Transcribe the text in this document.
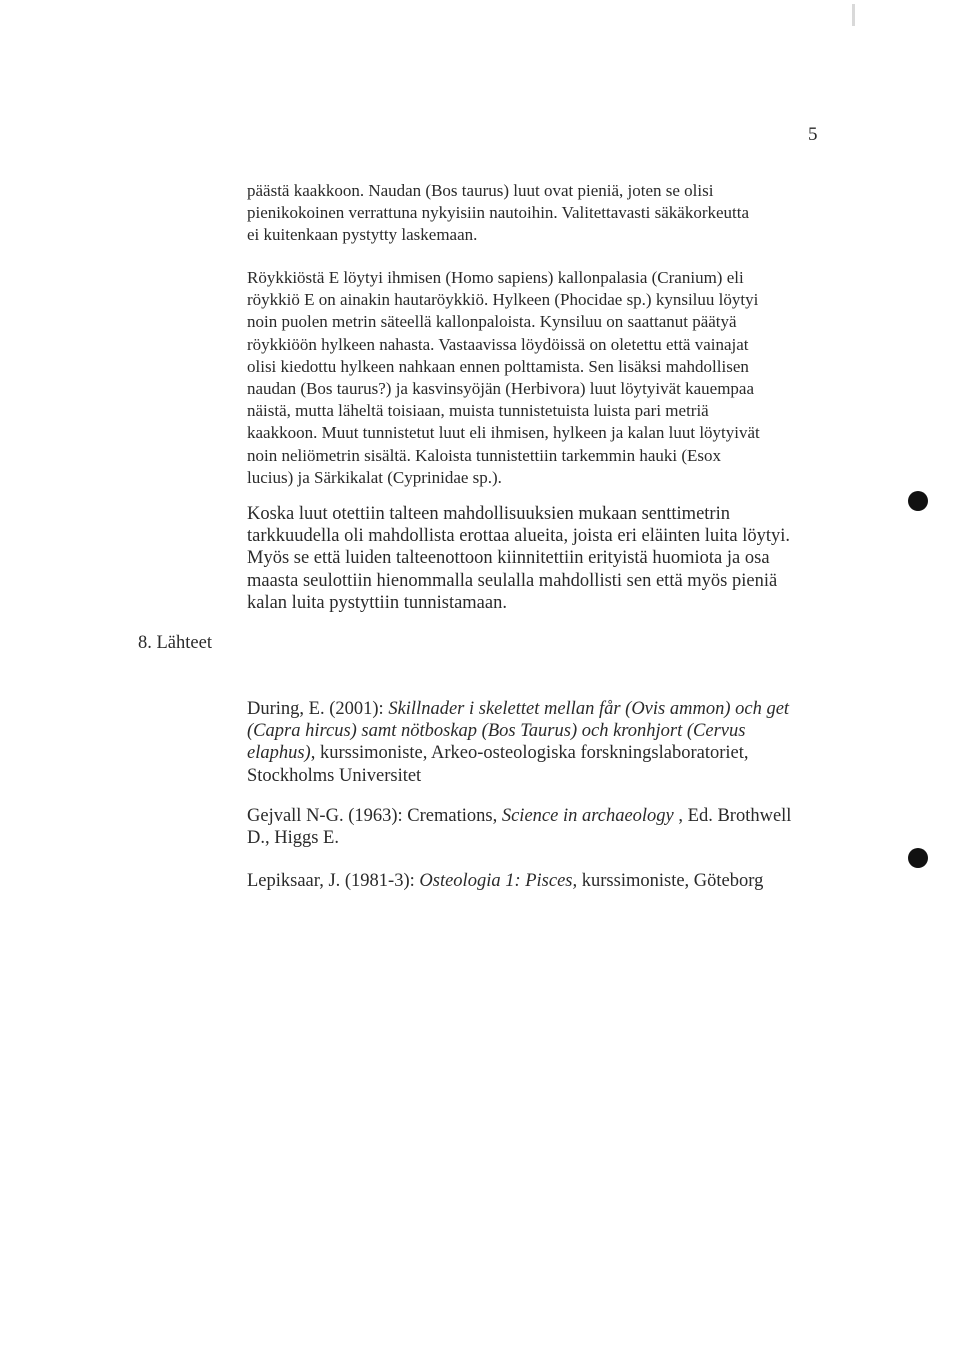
5
päästä kaakkoon. Naudan (Bos taurus) luut ovat pieniä, joten se olisi
pienikokoinen verrattuna nykyisiin nautoihin. Valitettavasti säkäkorkeutta
ei kuitenkaan pystytty laskemaan.
Röykkiöstä E löytyi ihmisen (Homo sapiens) kallonpalasia (Cranium) eli
röykkiö E on ainakin hautaröykkiö. Hylkeen (Phocidae sp.) kynsiluu löytyi
noin puolen metrin säteellä kallonpaloista. Kynsiluu on saattanut päätyä
röykkiöön hylkeen nahasta. Vastaavissa löydöissä on oletettu että vainajat
olisi kiedottu hylkeen nahkaan ennen polttamista. Sen lisäksi mahdollisen
naudan (Bos taurus?) ja kasvinsyöjän (Herbivora) luut löytyivät kauempaa
näistä, mutta läheltä toisiaan, muista tunnistetuista luista pari metriä
kaakkoon. Muut tunnistetut luut eli ihmisen, hylkeen ja kalan luut löytyivät
noin neliömetrin sisältä. Kaloista tunnistettiin tarkemmin hauki (Esox
lucius) ja Särkikalat (Cyprinidae sp.).
Koska luut otettiin talteen mahdollisuuksien mukaan senttimetrin
tarkkuudella oli mahdollista erottaa alueita, joista eri eläinten luita löytyi.
Myös se että luiden talteenottoon kiinnitettiin erityistä huomiota ja osa
maasta seulottiin hienommalla seulalla mahdollisti sen että myös pieniä
kalan luita pystyttiin tunnistamaan.
8. Lähteet
During, E. (2001): Skillnader i skelettet mellan får (Ovis ammon) och get
(Capra hircus) samt nötboskap (Bos Taurus) och kronhjort (Cervus
elaphus), kurssimoniste, Arkeo-osteologiska forskningslaboratoriet,
Stockholms Universitet
Gejvall N-G. (1963): Cremations, Science in archaeology , Ed. Brothwell
D., Higgs E.
Lepiksaar, J. (1981-3): Osteologia 1: Pisces, kurssimoniste, Göteborg
